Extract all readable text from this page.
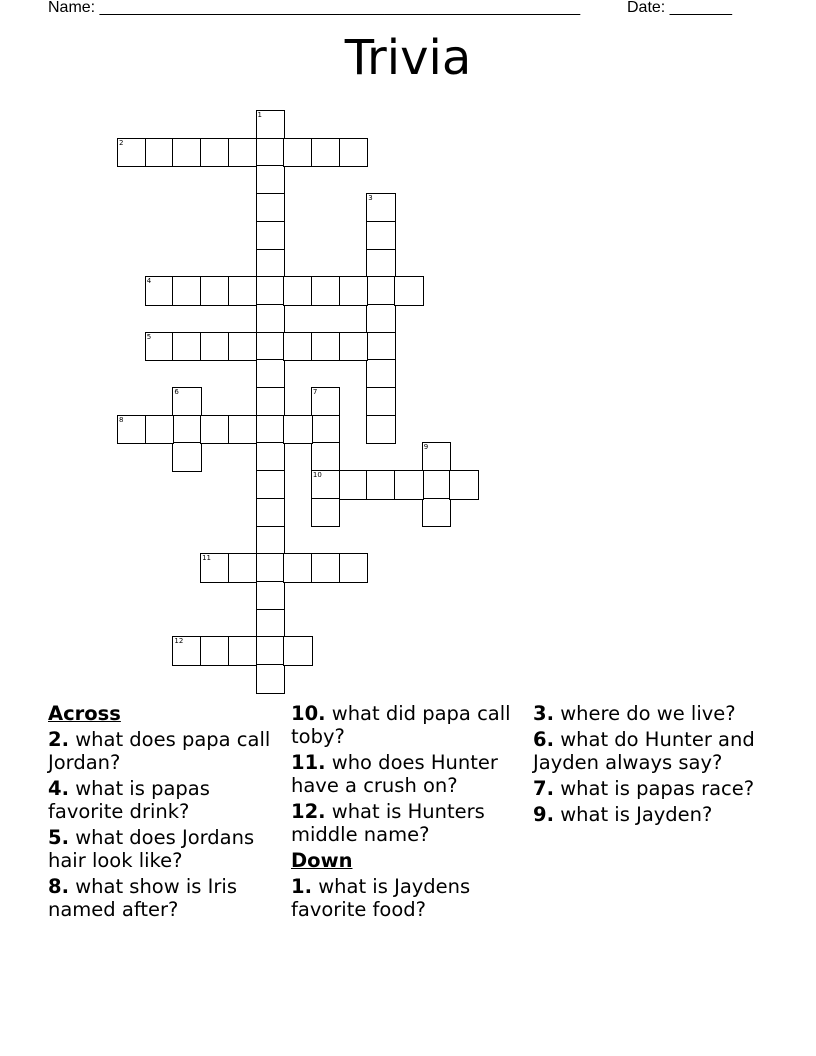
Name: ______________________________________________________	Date: _______
Trivia
1
2
3
4
5
6	7
8
9
10
11
12
Across
2. what does papa call Jordan?
4. what is papas favorite drink?
5. what does Jordans hair look like?
8. what show is Iris named after?
10. what did papa call toby?
11. who does Hunter have a crush on?
12. what is Hunters middle name?
Down
1. what is Jaydens favorite food?
3. where do we live?
6. what do Hunter and Jayden always say?
7. what is papas race?
9. what is Jayden?
